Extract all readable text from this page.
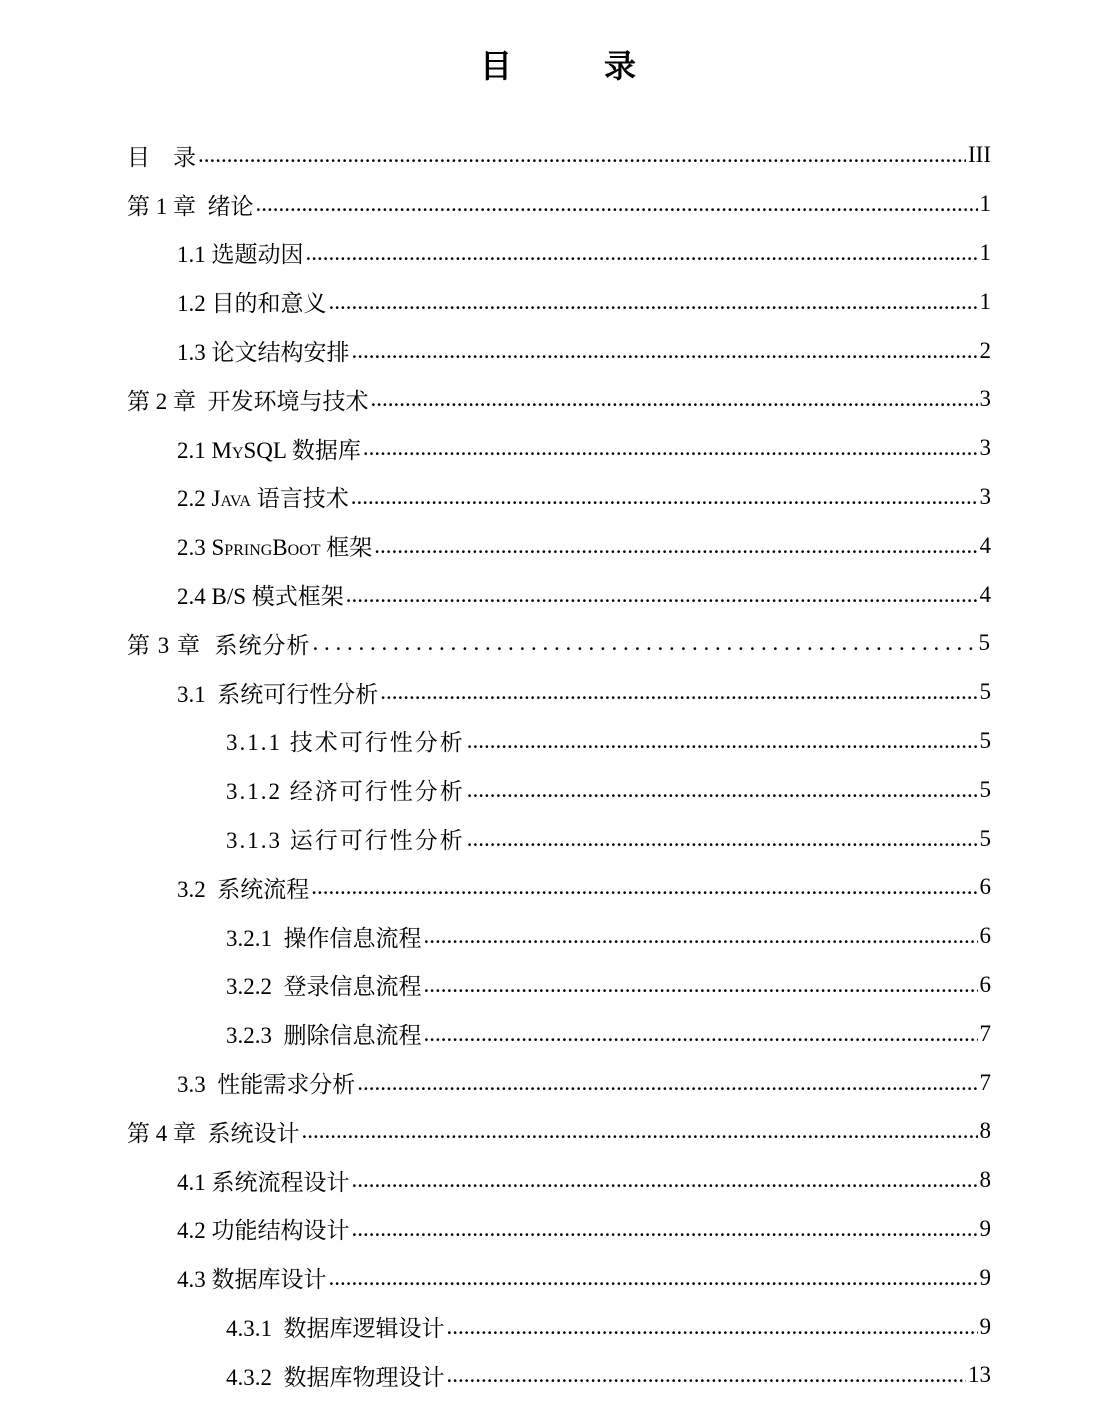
目　录
目　录 .....	III
第 1 章  绪论 .....	1
1.1 选题动因 .....	1
1.2 目的和意义 .....	1
1.3 论文结构安排 .....	2
第 2 章  开发环境与技术 .....	3
2.1 MySQL 数据库 .....	3
2.2 Java 语言技术 .....	3
2.3 SpringBoot 框架 .....	4
2.4 B/S 模式框架 .....	4
第 3 章  系统分析 . . .	5
3.1  系统可行性分析 .....	5
3.1.1 技术可行性分析 .....	5
3.1.2 经济可行性分析 .....	5
3.1.3 运行可行性分析 .....	5
3.2  系统流程 .....	6
3.2.1  操作信息流程 .....	6
3.2.2  登录信息流程 .....	6
3.2.3  删除信息流程 .....	7
3.3  性能需求分析 .....	7
第 4 章  系统设计 .....	8
4.1 系统流程设计 .....	8
4.2 功能结构设计 .....	9
4.3 数据库设计 .....	9
4.3.1  数据库逻辑设计 .....	9
4.3.2  数据库物理设计 .....	13
